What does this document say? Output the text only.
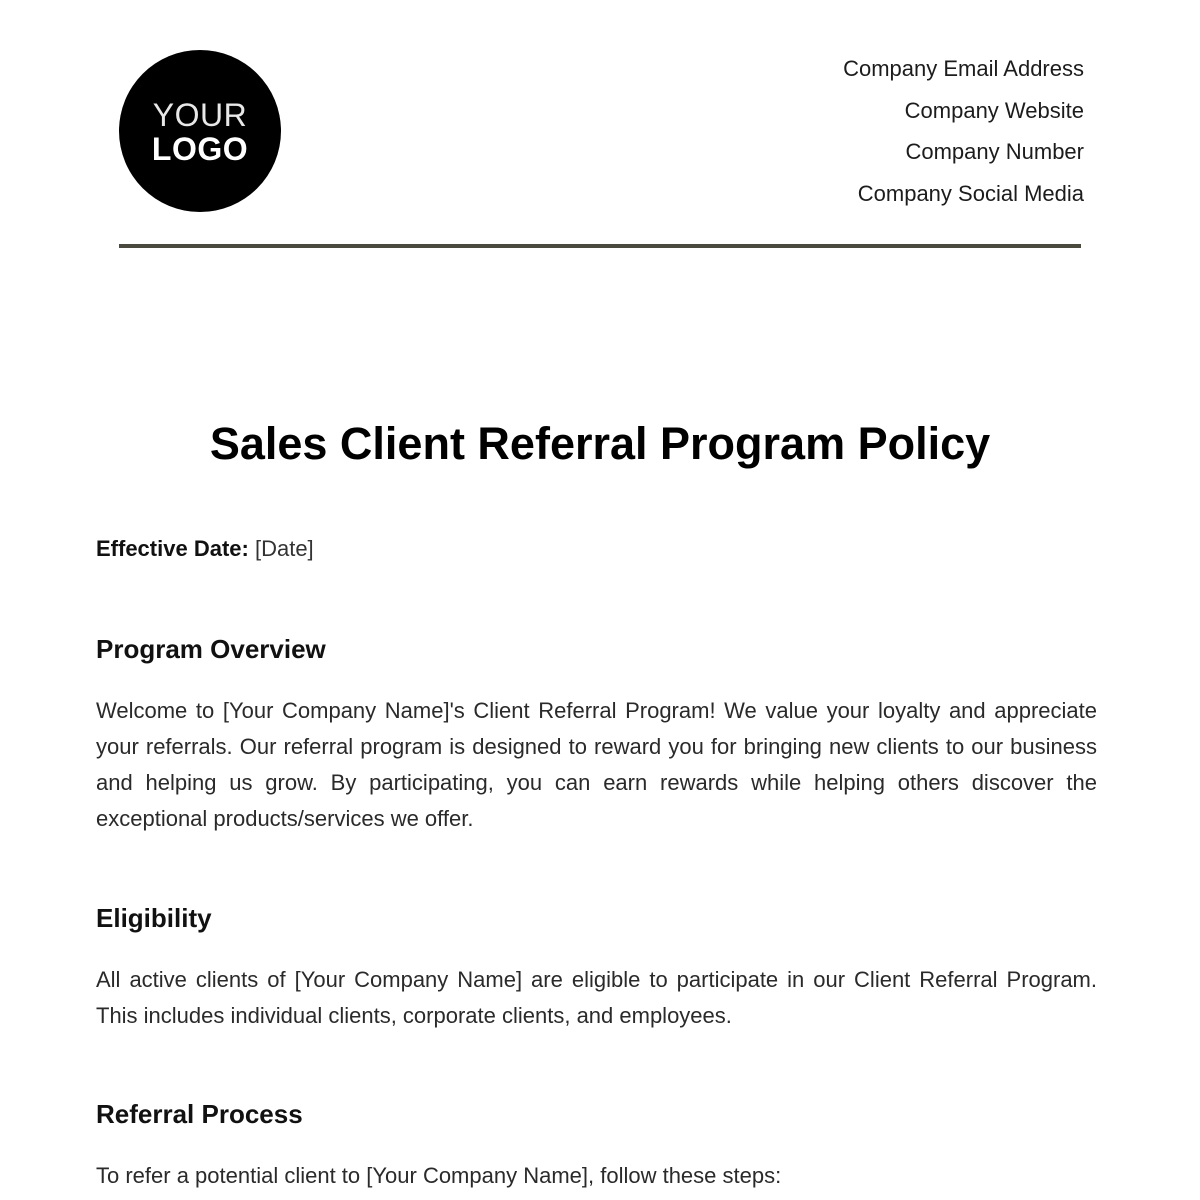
YOUR
LOGO
Company Email Address
Company Website
Company Number
Company Social Media
Sales Client Referral Program Policy
Effective Date: [Date]
Program Overview

Welcome to [Your Company Name]'s Client Referral Program! We value your loyalty and appreciate your referrals. Our referral program is designed to reward you for bringing new clients to our business and helping us grow. By participating, you can earn rewards while helping others discover the exceptional products/services we offer.

Eligibility

All active clients of [Your Company Name] are eligible to participate in our Client Referral Program. This includes individual clients, corporate clients, and employees.

Referral Process

To refer a potential client to [Your Company Name], follow these steps:
